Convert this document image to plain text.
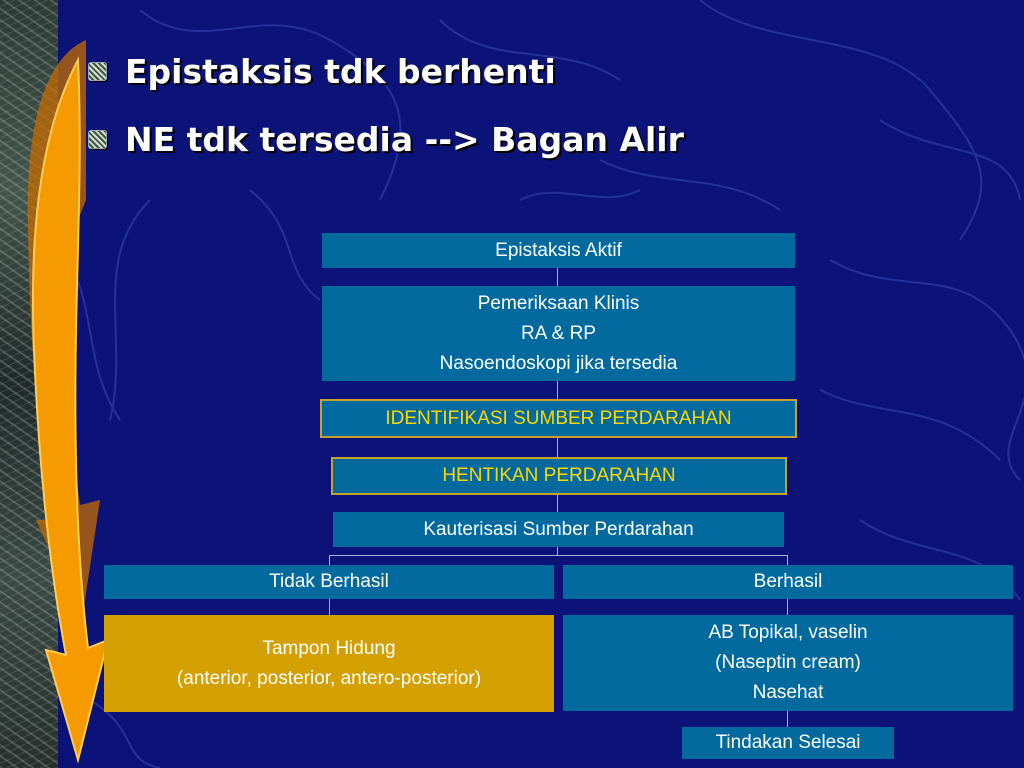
Epistaksis tdk berhenti
NE tdk tersedia --> Bagan Alir
Epistaksis Aktif
Pemeriksaan Klinis
RA & RP
Nasoendoskopi jika tersedia
IDENTIFIKASI SUMBER PERDARAHAN
HENTIKAN PERDARAHAN
Kauterisasi Sumber Perdarahan
Tidak Berhasil	Berhasil
Tampon Hidung
(anterior, posterior, antero-posterior)
AB Topikal, vaselin
(Naseptin cream)
Nasehat
Tindakan Selesai
